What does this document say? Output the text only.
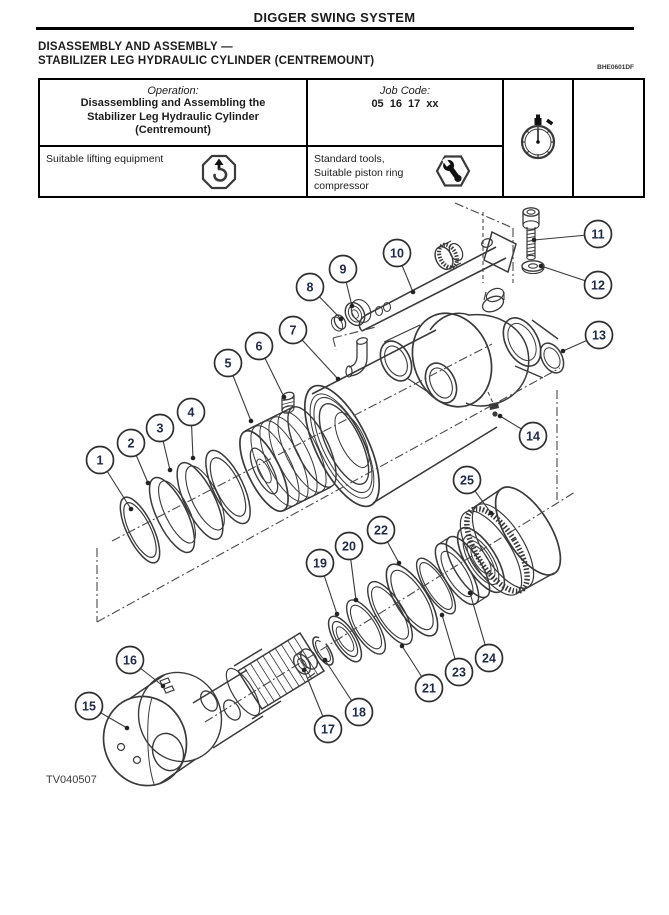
DIGGER SWING SYSTEM
DISASSEMBLY AND ASSEMBLY —
STABILIZER LEG HYDRAULIC CYLINDER (CENTREMOUNT)
BHE0601DF
Operation:
Disassembling and Assembling the
Stabilizer Leg Hydraulic Cylinder
(Centremount)
Job Code:
05 16 17 xx
Suitable lifting equipment	Standard tools,
Suitable piston ring
compressor
1
2
3
4
5
6
7
8
9
10
11
12
13
14
15
16
17
18
19
20
21
22
23
24
25
TV040507
